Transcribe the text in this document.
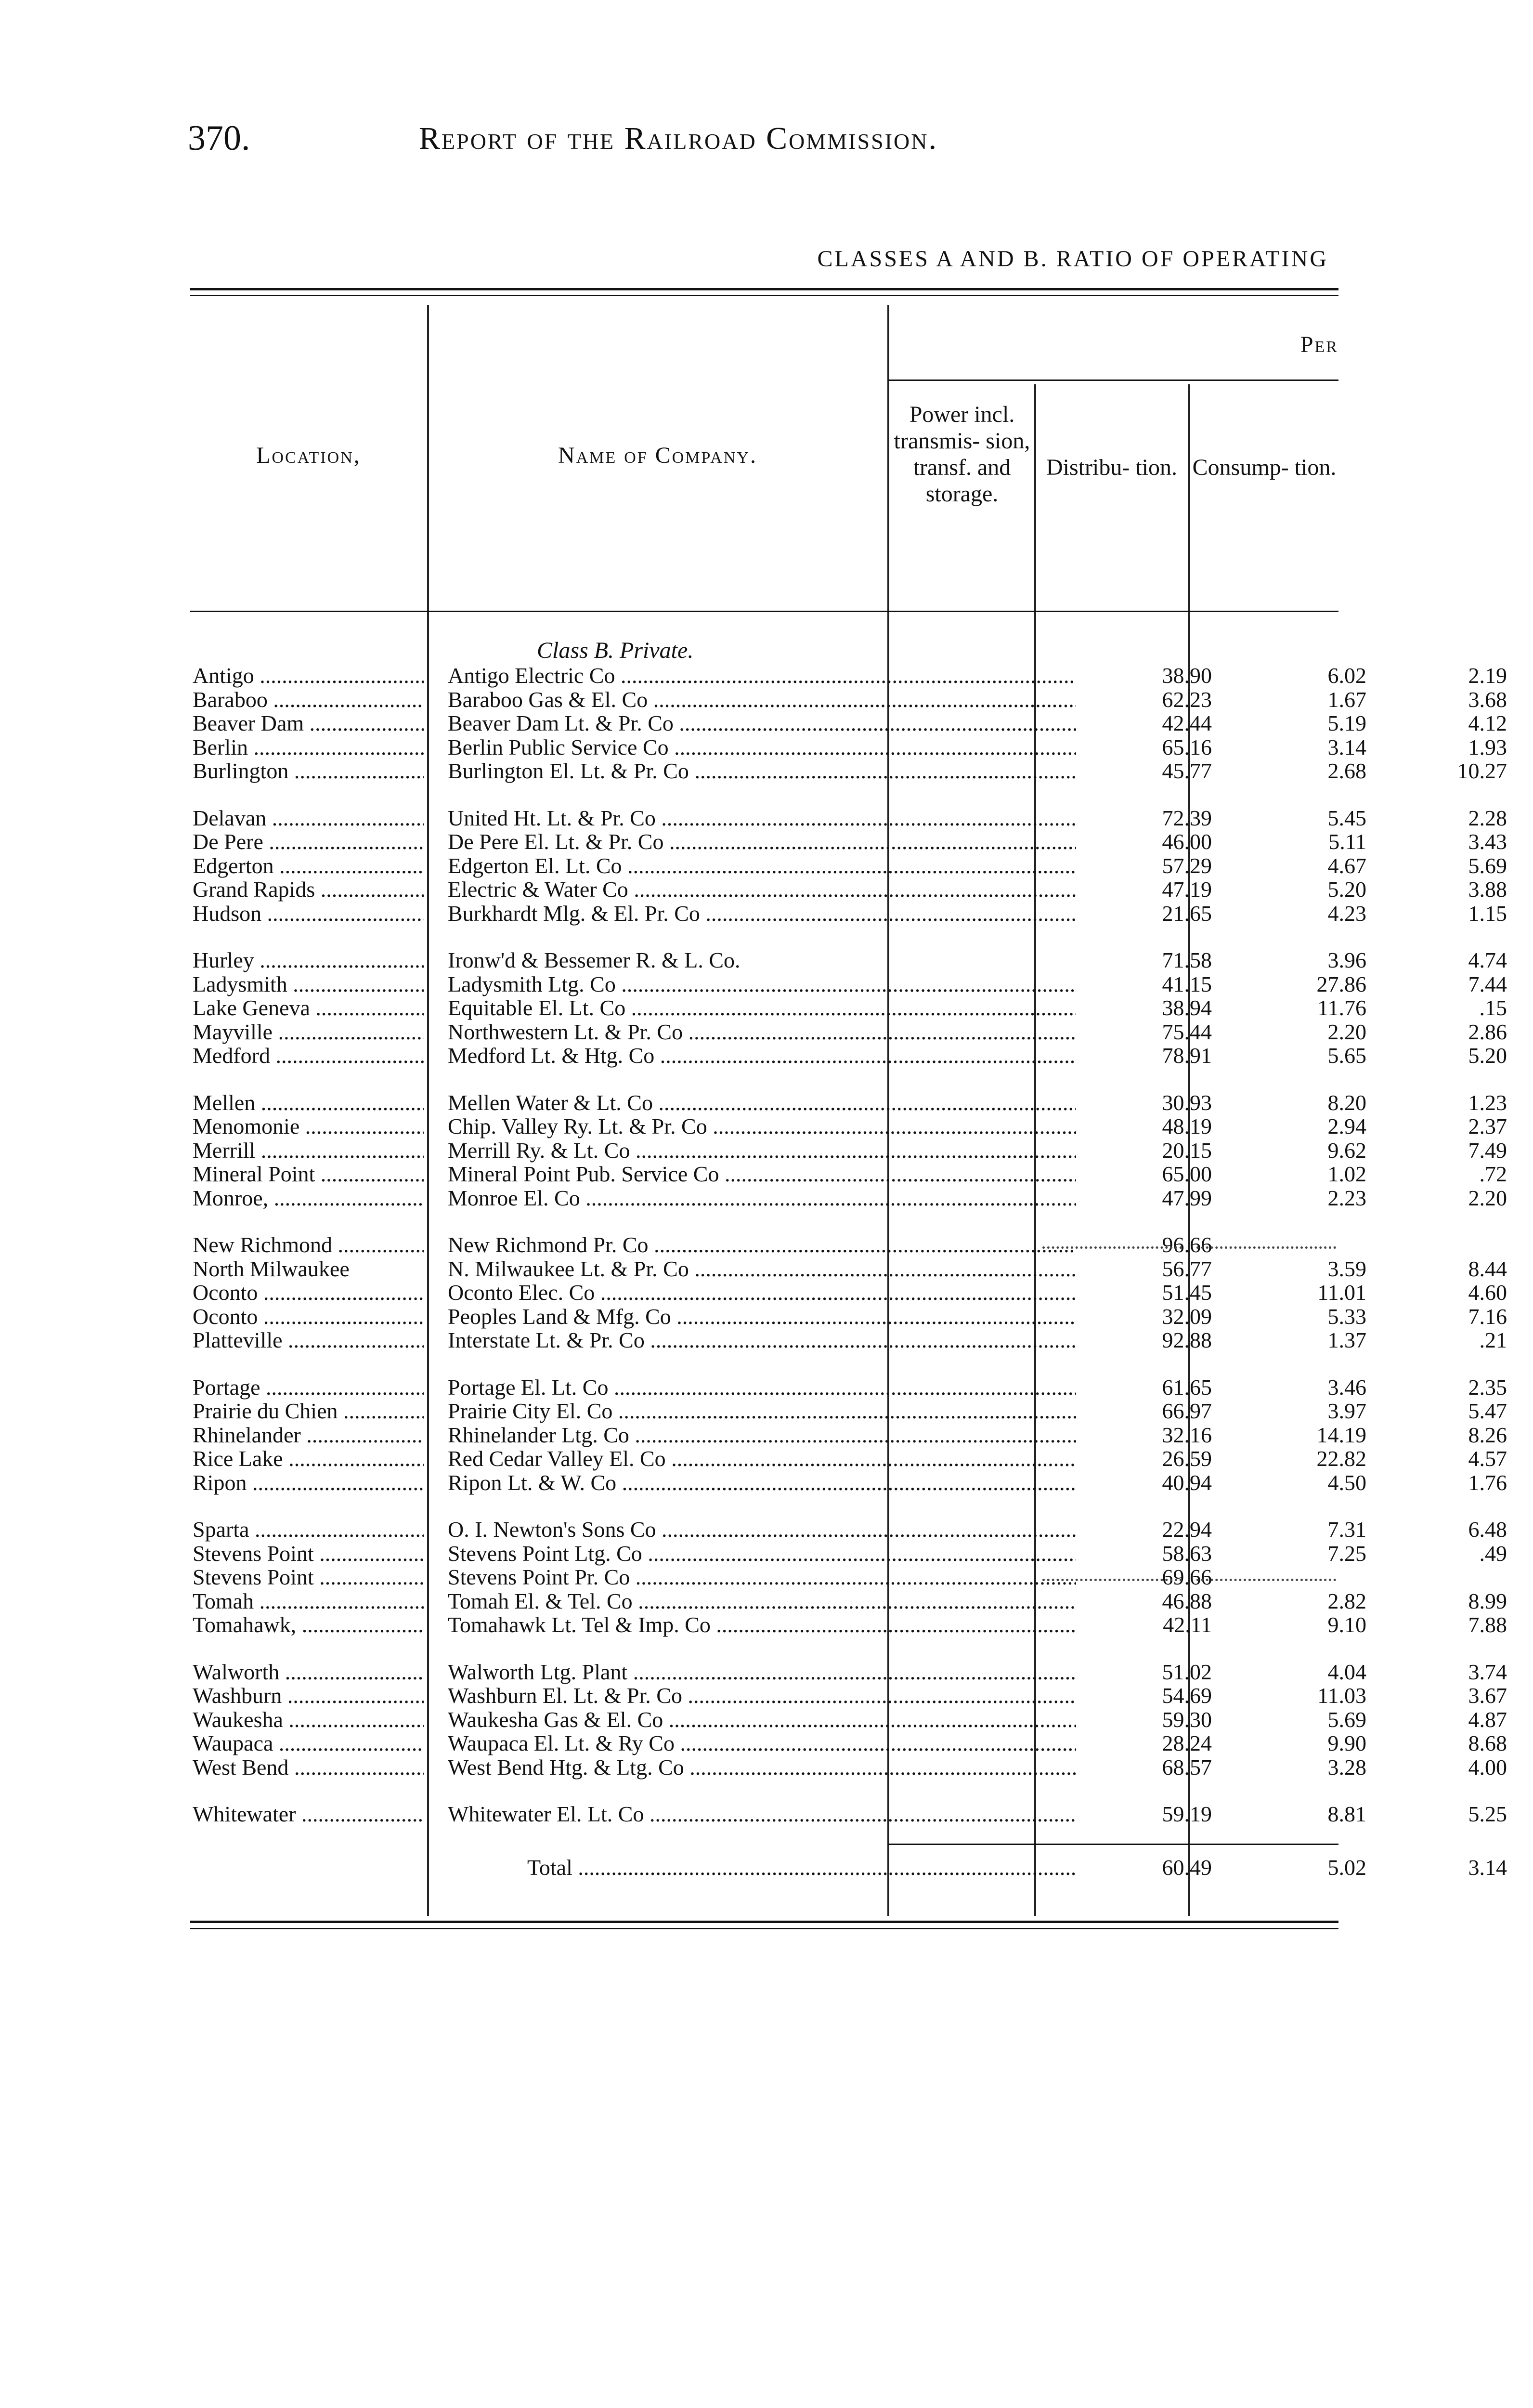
370.	Report of the Railroad Commission.
CLASSES A AND B. RATIO OF OPERATING
Location,	Name of Company.
Per
Power incl. transmis- sion, transf. and storage.
Distribu- tion. Consump- tion.
Class B. Private.
Antigo .....	Antigo Electric Co .....	38.90	6.02	2.19
Baraboo .....	Baraboo Gas & El. Co .....	62.23	1.67	3.68
Beaver Dam .....	Beaver Dam Lt. & Pr. Co .....	42.44	5.19	4.12
Berlin .....	Berlin Public Service Co .....	65.16	3.14	1.93
Burlington .....	Burlington El. Lt. & Pr. Co .....	45.77	2.68	10.27
Delavan .....	United Ht. Lt. & Pr. Co .....	72.39	5.45	2.28
De Pere .....	De Pere El. Lt. & Pr. Co .....	46.00	5.11	3.43
Edgerton .....	Edgerton El. Lt. Co .....	57.29	4.67	5.69
Grand Rapids .....	Electric & Water Co .....	47.19	5.20	3.88
Hudson .....	Burkhardt Mlg. & El. Pr. Co .....	21.65	4.23	1.15
Hurley .....	Ironw'd & Bessemer R. & L. Co.	71.58	3.96	4.74
Ladysmith .....	Ladysmith Ltg. Co .....	41.15	27.86	7.44
Lake Geneva .....	Equitable El. Lt. Co .....	38.94	11.76	.15
Mayville .....	Northwestern Lt. & Pr. Co .....	75.44	2.20	2.86
Medford .....	Medford Lt. & Htg. Co .....	78.91	5.65	5.20
Mellen .....	Mellen Water & Lt. Co .....	30.93	8.20	1.23
Menomonie .....	Chip. Valley Ry. Lt. & Pr. Co .....	48.19	2.94	2.37
Merrill .....	Merrill Ry. & Lt. Co .....	20.15	9.62	7.49
Mineral Point .....	Mineral Point Pub. Service Co .....	65.00	1.02	.72
Monroe, .....	Monroe El. Co .....	47.99	2.23	2.20
New Richmond .....	New Richmond Pr. Co .....	96.66
North Milwaukee	N. Milwaukee Lt. & Pr. Co .....	56.77	3.59	8.44
Oconto .....	Oconto Elec. Co .....	51.45	11.01	4.60
Oconto .....	Peoples Land & Mfg. Co .....	32.09	5.33	7.16
Platteville .....	Interstate Lt. & Pr. Co .....	92.88	1.37	.21
Portage .....	Portage El. Lt. Co .....	61.65	3.46	2.35
Prairie du Chien .....	Prairie City El. Co .....	66.97	3.97	5.47
Rhinelander .....	Rhinelander Ltg. Co .....	32.16	14.19	8.26
Rice Lake .....	Red Cedar Valley El. Co .....	26.59	22.82	4.57
Ripon .....	Ripon Lt. & W. Co .....	40.94	4.50	1.76
Sparta .....	O. I. Newton's Sons Co .....	22.94	7.31	6.48
Stevens Point .....	Stevens Point Ltg. Co .....	58.63	7.25	.49
Stevens Point .....	Stevens Point Pr. Co .....	69.66
Tomah .....	Tomah El. & Tel. Co .....	46.88	2.82	8.99
Tomahawk, .....	Tomahawk Lt. Tel & Imp. Co .....	42.11	9.10	7.88
Walworth .....	Walworth Ltg. Plant .....	51.02	4.04	3.74
Washburn .....	Washburn El. Lt. & Pr. Co .....	54.69	11.03	3.67
Waukesha .....	Waukesha Gas & El. Co .....	59.30	5.69	4.87
Waupaca .....	Waupaca El. Lt. & Ry Co .....	28.24	9.90	8.68
West Bend .....	West Bend Htg. & Ltg. Co .....	68.57	3.28	4.00
Whitewater .....	Whitewater El. Lt. Co .....	59.19	8.81	5.25
Total .....	60.49	5.02	3.14
